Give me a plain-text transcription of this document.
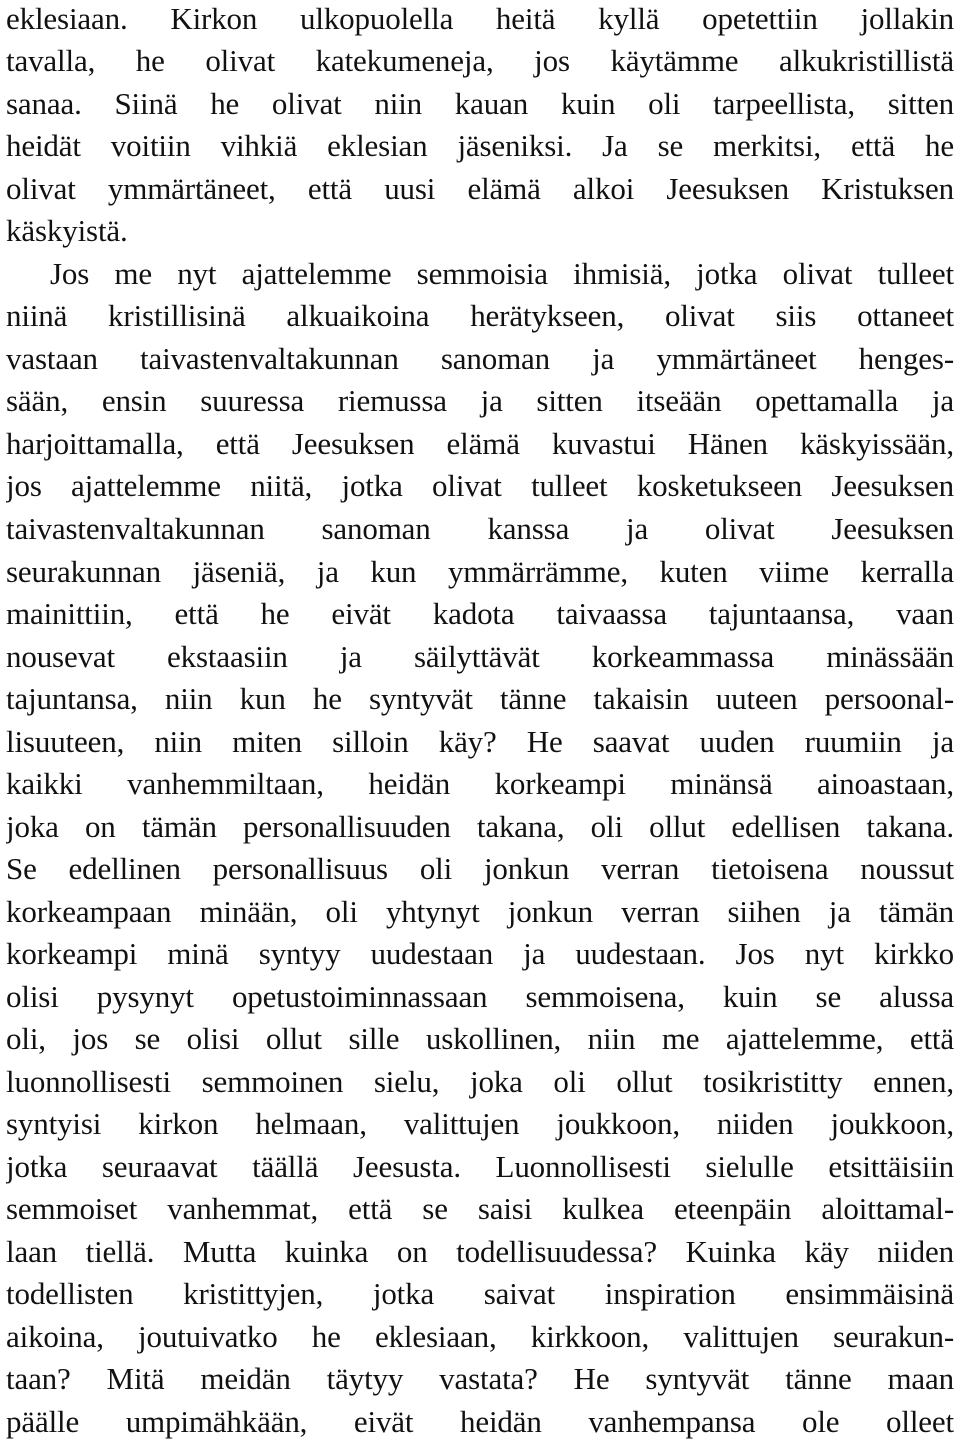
eklesiaan. Kirkon ulkopuolella heitä kyllä opetettiin jollakin
tavalla, he olivat katekumeneja, jos käytämme alkukristillistä
sanaa. Siinä he olivat niin kauan kuin oli tarpeellista, sitten
heidät voitiin vihkiä eklesian jäseniksi. Ja se merkitsi, että he
olivat ymmärtäneet, että uusi elämä alkoi Jeesuksen Kristuksen
käskyistä.
Jos me nyt ajattelemme semmoisia ihmisiä, jotka olivat tulleet
niinä kristillisinä alkuaikoina herätykseen, olivat siis ottaneet
vastaan taivastenvaltakunnan sanoman ja ymmärtäneet henges-
sään, ensin suuressa riemussa ja sitten itseään opettamalla ja
harjoittamalla, että Jeesuksen elämä kuvastui Hänen käskyissään,
jos ajattelemme niitä, jotka olivat tulleet kosketukseen Jeesuksen
taivastenvaltakunnan sanoman kanssa ja olivat Jeesuksen
seurakunnan jäseniä, ja kun ymmärrämme, kuten viime kerralla
mainittiin, että he eivät kadota taivaassa tajuntaansa, vaan
nousevat ekstaasiin ja säilyttävät korkeammassa minässään
tajuntansa, niin kun he syntyvät tänne takaisin uuteen persoonal-
lisuuteen, niin miten silloin käy? He saavat uuden ruumiin ja
kaikki vanhemmiltaan, heidän korkeampi minänsä ainoastaan,
joka on tämän personallisuuden takana, oli ollut edellisen takana.
Se edellinen personallisuus oli jonkun verran tietoisena noussut
korkeampaan minään, oli yhtynyt jonkun verran siihen ja tämän
korkeampi minä syntyy uudestaan ja uudestaan. Jos nyt kirkko
olisi pysynyt opetustoiminnassaan semmoisena, kuin se alussa
oli, jos se olisi ollut sille uskollinen, niin me ajattelemme, että
luonnollisesti semmoinen sielu, joka oli ollut tosikristitty ennen,
syntyisi kirkon helmaan, valittujen joukkoon, niiden joukkoon,
jotka seuraavat täällä Jeesusta. Luonnollisesti sielulle etsittäisiin
semmoiset vanhemmat, että se saisi kulkea eteenpäin aloittamal-
laan tiellä. Mutta kuinka on todellisuudessa? Kuinka käy niiden
todellisten kristittyjen, jotka saivat inspiration ensimmäisinä
aikoina, joutuivatko he eklesiaan, kirkkoon, valittujen seurakun-
taan? Mitä meidän täytyy vastata? He syntyvät tänne maan
päälle umpimähkään, eivät heidän vanhempansa ole olleet
